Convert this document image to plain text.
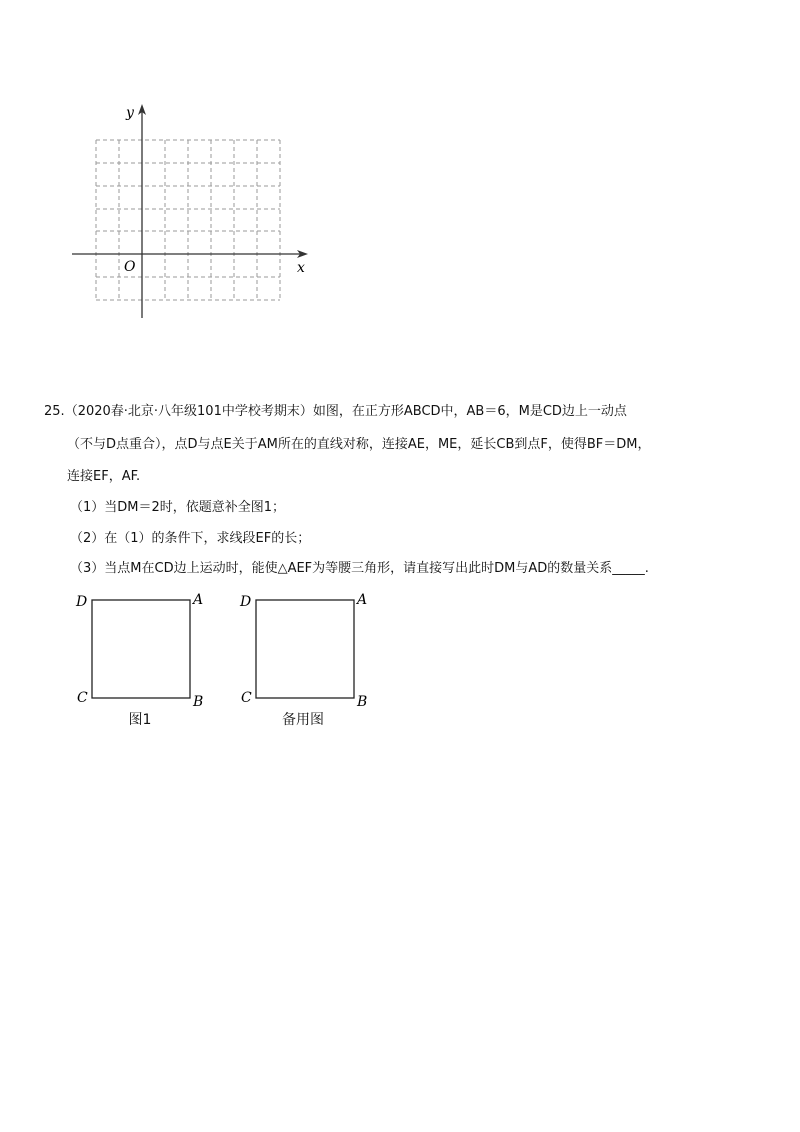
y
x
O
25.（2020春·北京·八年级101中学校考期末）如图，在正方形ABCD中，AB＝6，M是CD边上一动点
（不与D点重合），点D与点E关于AM所在的直线对称，连接AE，ME，延长CB到点F，使得BF＝DM，
连接EF，AF.
（1）当DM＝2时，依题意补全图1；
（2）在（1）的条件下，求线段EF的长；
（3）当点M在CD边上运动时，能使△AEF为等腰三角形，请直接写出此时DM与AD的数量关系_____.
D	A
C	B
图1
D	A
C	B
备用图
